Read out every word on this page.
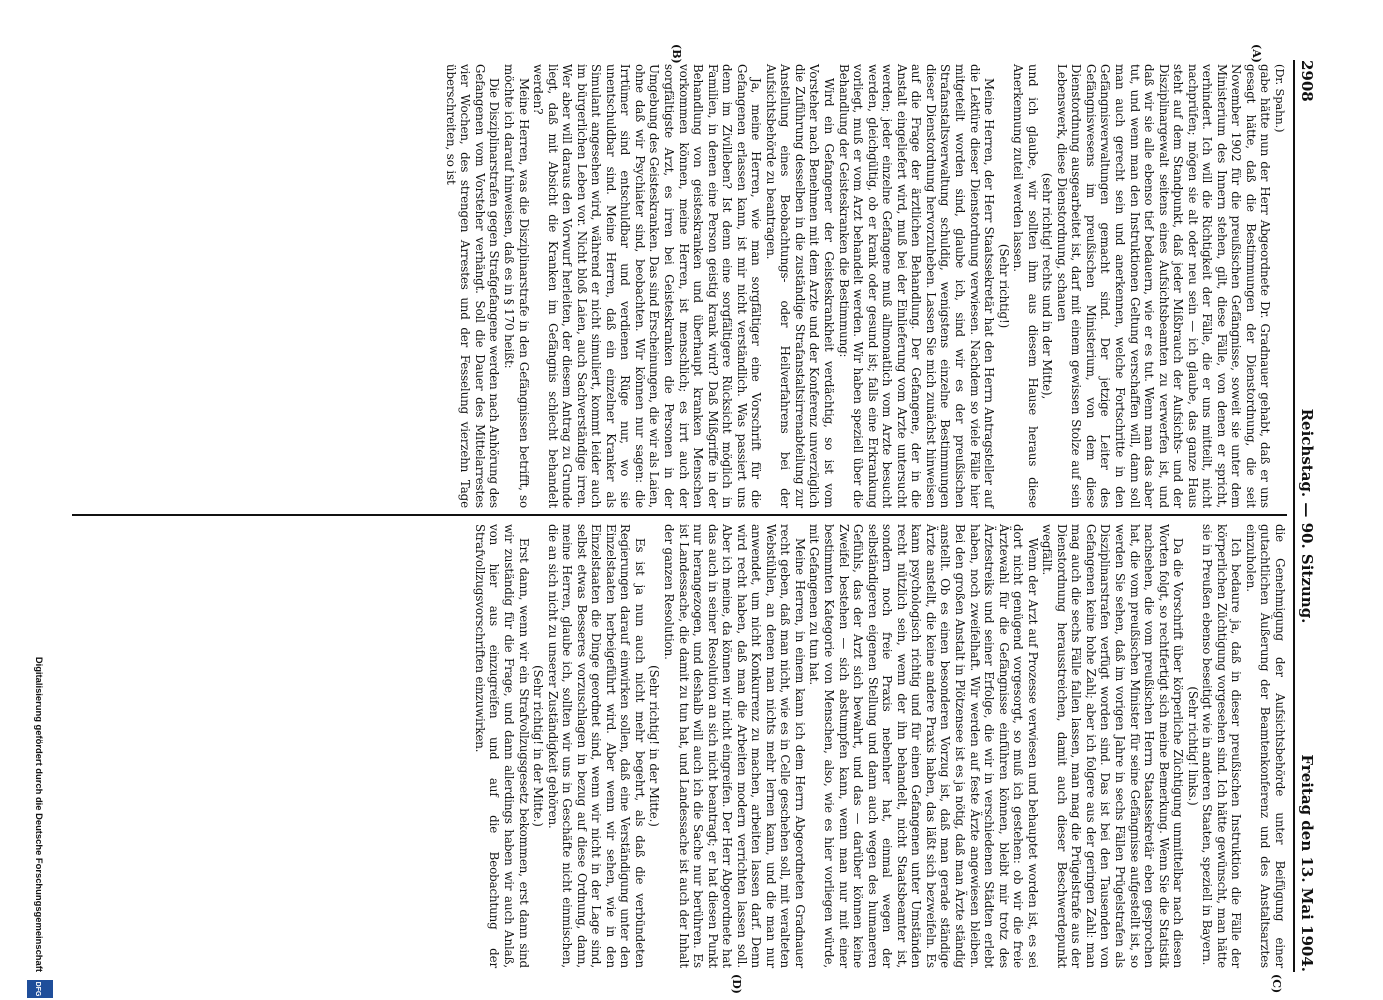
2908
Reichstag. — 90. Sitzung.
Freitag den 13. Mai 1904.
(A)
(B)
(C)
(D)

(Dr. Spahn.)

gabe hätte nun der Herr Abgeordnete Dr. Gradnauer gehabt, daß er uns gesagt hätte, daß die Bestimmungen der Dienstordnung, die seit November 1902 für die preußischen Gefängnisse, soweit sie unter dem Ministerium des Innern stehen, gilt, diese Fälle, von denen er spricht, verhindert. Ich will die Richtigkeit der Fälle, die er uns mitteilt, nicht nachprüfen; mögen sie alt oder neu sein — ich glaube, das ganze Haus steht auf dem Standpunkt, daß jeder Mißbrauch der Aufsichts- und der Disziplinargewalt seitens eines Aufsichtsbeamten zu verwerfen ist, und daß wir sie alle ebenso tief bedauern, wie er es tut. Wenn man das aber tut, und wenn man den Instruktionen Geltung verschaffen will, dann soll man auch gerecht sein und anerkennen, welche Fortschritte in den Gefängnisverwaltungen gemacht sind. Der jetzige Leiter des Gefängniswesens im preußischen Ministerium, von dem diese Dienstordnung ausgearbeitet ist, darf mit einem gewissen Stolze auf sein Lebenswerk, diese Dienstordnung, schauen

(sehr richtig! rechts und in der Mitte),

und ich glaube, wir sollten ihm aus diesem Hause heraus diese Anerkennung zuteil werden lassen.

(Sehr richtig!)

Meine Herren, der Herr Staatssekretär hat den Herrn Antragsteller auf die Lektüre dieser Dienstordnung verwiesen. Nachdem so viele Fälle hier mitgeteilt worden sind, glaube ich, sind wir es der preußischen Strafanstaltsverwaltung schuldig, wenigstens einzelne Bestimmungen dieser Dienstordnung hervorzuheben. Lassen Sie mich zunächst hinweisen auf die Frage der ärztlichen Behandlung. Der Gefangene, der in die Anstalt eingeliefert wird, muß bei der Einlieferung vom Arzte untersucht werden; jeder einzelne Gefangene muß allmonatlich vom Arzte besucht werden, gleichgültig, ob er krank oder gesund ist; falls eine Erkrankung vorliegt, muß er vom Arzt behandelt werden. Wir haben speziell über die Behandlung der Geisteskranken die Bestimmung:

Wird ein Gefangener der Geisteskrankheit verdächtig, so ist vom Vorsteher nach Benehmen mit dem Arzte und der Konferenz unverzüglich die Zuführung desselben in die zuständige Strafanstaltsirrenabteilung zur Anstellung eines Beobachtungs- oder Heilverfahrens bei der Aufsichtsbehörde zu beantragen.

Ja, meine Herren, wie man sorgfältiger eine Vorschrift für die Gefangenen erlassen kann, ist mir nicht verständlich. Was passiert uns denn im Zivilleben? Ist denn eine sorgfältigere Rücksicht möglich in Familien, in denen eine Person geistig krank wird? Daß Mißgriffe in der Behandlung von geisteskranken und überhaupt kranken Menschen vorkommen können, meine Herren, ist menschlich; es irrt auch der sorgfältigste Arzt, es irren bei Geisteskranken die Personen in der Umgebung des Geisteskranken. Das sind Erscheinungen, die wir als Laien, ohne daß wir Psychiater sind, beobachten. Wir können nur sagen: die Irrtümer sind entschuldbar und verdienen Rüge nur, wo sie unentschuldbar sind. Meine Herren, daß ein einzelner Kranker als Simulant angesehen wird, während er nicht simuliert, kommt leider auch im bürgerlichen Leben vor. Nicht bloß Laien, auch Sachverständige irren. Wer aber will daraus den Vorwurf herleiten, der diesem Antrag zu Grunde liegt, daß mit Absicht die Kranken im Gefängnis schlecht behandelt werden?

Meine Herren, was die Disziplinarstrafe in den Gefängnissen betrifft, so möchte ich darauf hinweisen, daß es in § 170 heißt:

Die Disziplinarstrafen gegen Strafgefangene werden nach Anhörung des Gefangenen vom Vorsteher verhängt. Soll die Dauer des Mittelarrestes vier Wochen, des strengen Arrestes und der Fesselung vierzehn Tage überschreiten, so ist

die Genehmigung der Aufsichtsbehörde unter Beifügung einer gutachtlichen Äußerung der Beamtenkonferenz und des Anstaltsarztes einzuholen.

Ich bedaure ja, daß in dieser preußischen Instruktion die Fälle der körperlichen Züchtigung vorgesehen sind. Ich hätte gewünscht, man hätte sie in Preußen ebenso beseitigt wie in anderen Staaten, speziell in Bayern.

(Sehr richtig! links.)

Da die Vorschrift über körperliche Züchtigung unmittelbar nach diesen Worten folgt, so rechtfertigt sich meine Bemerkung. Wenn Sie die Statistik nachsehen, die vom preußischen Herrn Staatssekretär eben gesprochen hat, die vom preußischen Minister für seine Gefängnisse aufgestellt ist, so werden Sie sehen, daß im vorigen Jahre in sechs Fällen Prügelstrafen als Disziplinarstrafen verfügt worden sind. Das ist bei den Tausenden von Gefangenen keine hohe Zahl; aber ich folgere aus der geringen Zahl: man mag auch die sechs Fälle fallen lassen, man mag die Prügelstrafe aus der Dienstordnung herausstreichen, damit auch dieser Beschwerdepunkt wegfällt.

Wenn der Arzt auf Prozesse verwiesen und behauptet worden ist, es sei dort nicht genügend vorgesorgt, so muß ich gestehen: ob wir die freie Ärztewahl für die Gefängnisse einführen können, bleibt mir trotz des Ärztestreiks und seiner Erfolge, die wir in verschiedenen Städten erlebt haben, noch zweifelhaft. Wir werden auf feste Ärzte angewiesen bleiben. Bei den großen Anstalt in Plötzensee ist es ja nötig, daß man Ärzte ständig anstellt. Ob es einen besonderen Vorzug ist, daß man gerade ständige Ärzte anstellt, die keine andere Praxis haben, das läßt sich bezweifeln. Es kann psychologisch richtig und für einen Gefangenen unter Umständen recht nützlich sein, wenn der ihn behandelt, nicht Staatsbeamter ist, sondern noch freie Praxis nebenher hat, einmal wegen der selbständigeren eigenen Stellung und dann auch wegen des humaneren Gefühls, das der Arzt sich bewahrt, und das — darüber können keine Zweifel bestehen — sich abstumpfen kann, wenn man nur mit einer bestimmten Kategorie von Menschen, also, wie es hier vorliegen würde, mit Gefangenen zu tun hat.

Meine Herren, in einem kann ich dem Herrn Abgeordneten Gradnauer recht geben, daß man nicht, wie es in Celle geschehen soll, mit veralteten Webstühlen, an denen man nichts mehr lernen kann, und die man nur anwendet, um nicht Konkurrenz zu machen, arbeiten lassen darf. Denn wird recht haben, daß man die Arbeiten modern verrichten lassen soll. Aber ich meine, da können wir nicht eingreifen. Der Herr Abgeordnete hat das auch in seiner Resolution an sich nicht beantragt; er hat diesen Punkt nur herangezogen, und deshalb will auch ich die Sache nur berühren. Es ist Landessache, die damit zu tun hat, und Landessache ist auch der Inhalt der ganzen Resolution.

(Sehr richtig! in der Mitte.)

Es ist ja nun auch nicht mehr begehrt, als daß die verbündeten Regierungen darauf einwirken sollen, daß eine Verständigung unter den Einzelstaaten herbeigeführt wird. Aber wenn wir sehen, wie in den Einzelstaaten die Dinge geordnet sind, wenn wir nicht in der Lage sind, selbst etwas Besseres vorzuschlagen in bezug auf diese Ordnung, dann, meine Herren, glaube ich, sollten wir uns in Geschäfte nicht einmischen, die an sich nicht zu unserer Zuständigkeit gehören.

(Sehr richtig! in der Mitte.)

Erst dann, wenn wir ein Strafvollzugsgesetz bekommen, erst dann sind wir zuständig für die Frage, und dann allerdings haben wir auch Anlaß, von hier aus einzugreifen und auf die Beobachtung der Strafvollzugsvorschriften einzuwirken.

Digitalisierung gefördert durch die Deutsche Forschungsgemeinschaft
DFG
